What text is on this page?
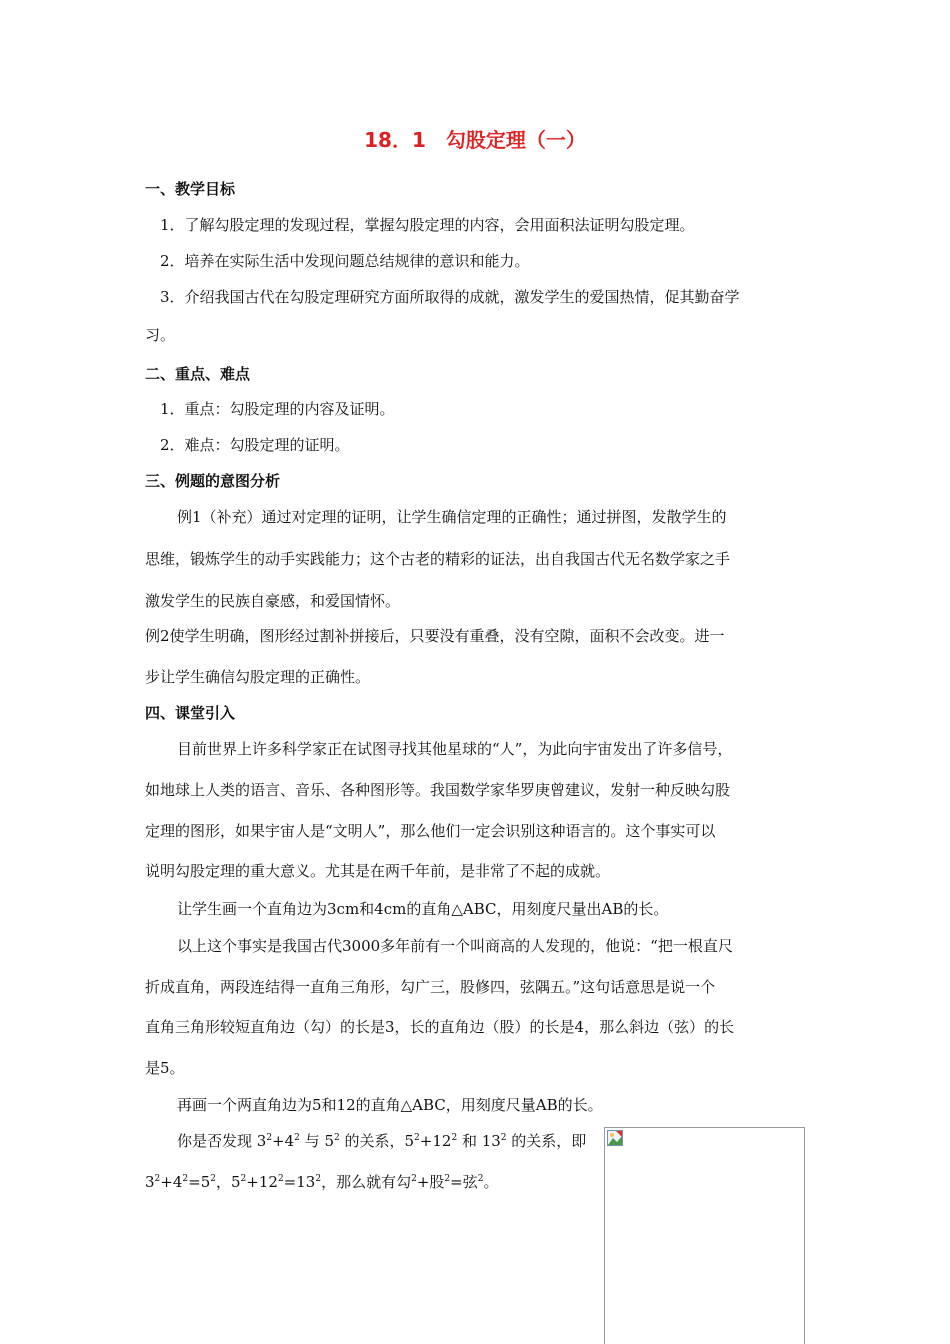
18．1　勾股定理（一）
一、教学目标
1．了解勾股定理的发现过程，掌握勾股定理的内容，会用面积法证明勾股定理。
2．培养在实际生活中发现问题总结规律的意识和能力。
3．介绍我国古代在勾股定理研究方面所取得的成就，激发学生的爱国热情，促其勤奋学
习。
二、重点、难点
1．重点：勾股定理的内容及证明。
2．难点：勾股定理的证明。
三、例题的意图分析
例1（补充）通过对定理的证明，让学生确信定理的正确性；通过拼图，发散学生的
思维，锻炼学生的动手实践能力；这个古老的精彩的证法，出自我国古代无名数学家之手
激发学生的民族自豪感，和爱国情怀。
例2使学生明确，图形经过割补拼接后，只要没有重叠，没有空隙，面积不会改变。进一
步让学生确信勾股定理的正确性。
四、课堂引入
目前世界上许多科学家正在试图寻找其他星球的“人”，为此向宇宙发出了许多信号，
如地球上人类的语言、音乐、各种图形等。我国数学家华罗庚曾建议，发射一种反映勾股
定理的图形，如果宇宙人是“文明人”，那么他们一定会识别这种语言的。这个事实可以
说明勾股定理的重大意义。尤其是在两千年前，是非常了不起的成就。
让学生画一个直角边为3cm和4cm的直角△ABC，用刻度尺量出AB的长。
以上这个事实是我国古代3000多年前有一个叫商高的人发现的，他说：“把一根直尺
折成直角，两段连结得一直角三角形，勾广三，股修四，弦隅五。”这句话意思是说一个
直角三角形较短直角边（勾）的长是3，长的直角边（股）的长是4，那么斜边（弦）的长
是5。
再画一个两直角边为5和12的直角△ABC，用刻度尺量AB的长。
你是否发现 $3^2+4^2$ 与 $5^2$ 的关系，$5^2+12^2$ 和 $13^2$ 的关系，即
$3^2+4^2=5^2$，$5^2+12^2=13^2$，那么就有勾$^2$+股$^2$=弦$^2$。
